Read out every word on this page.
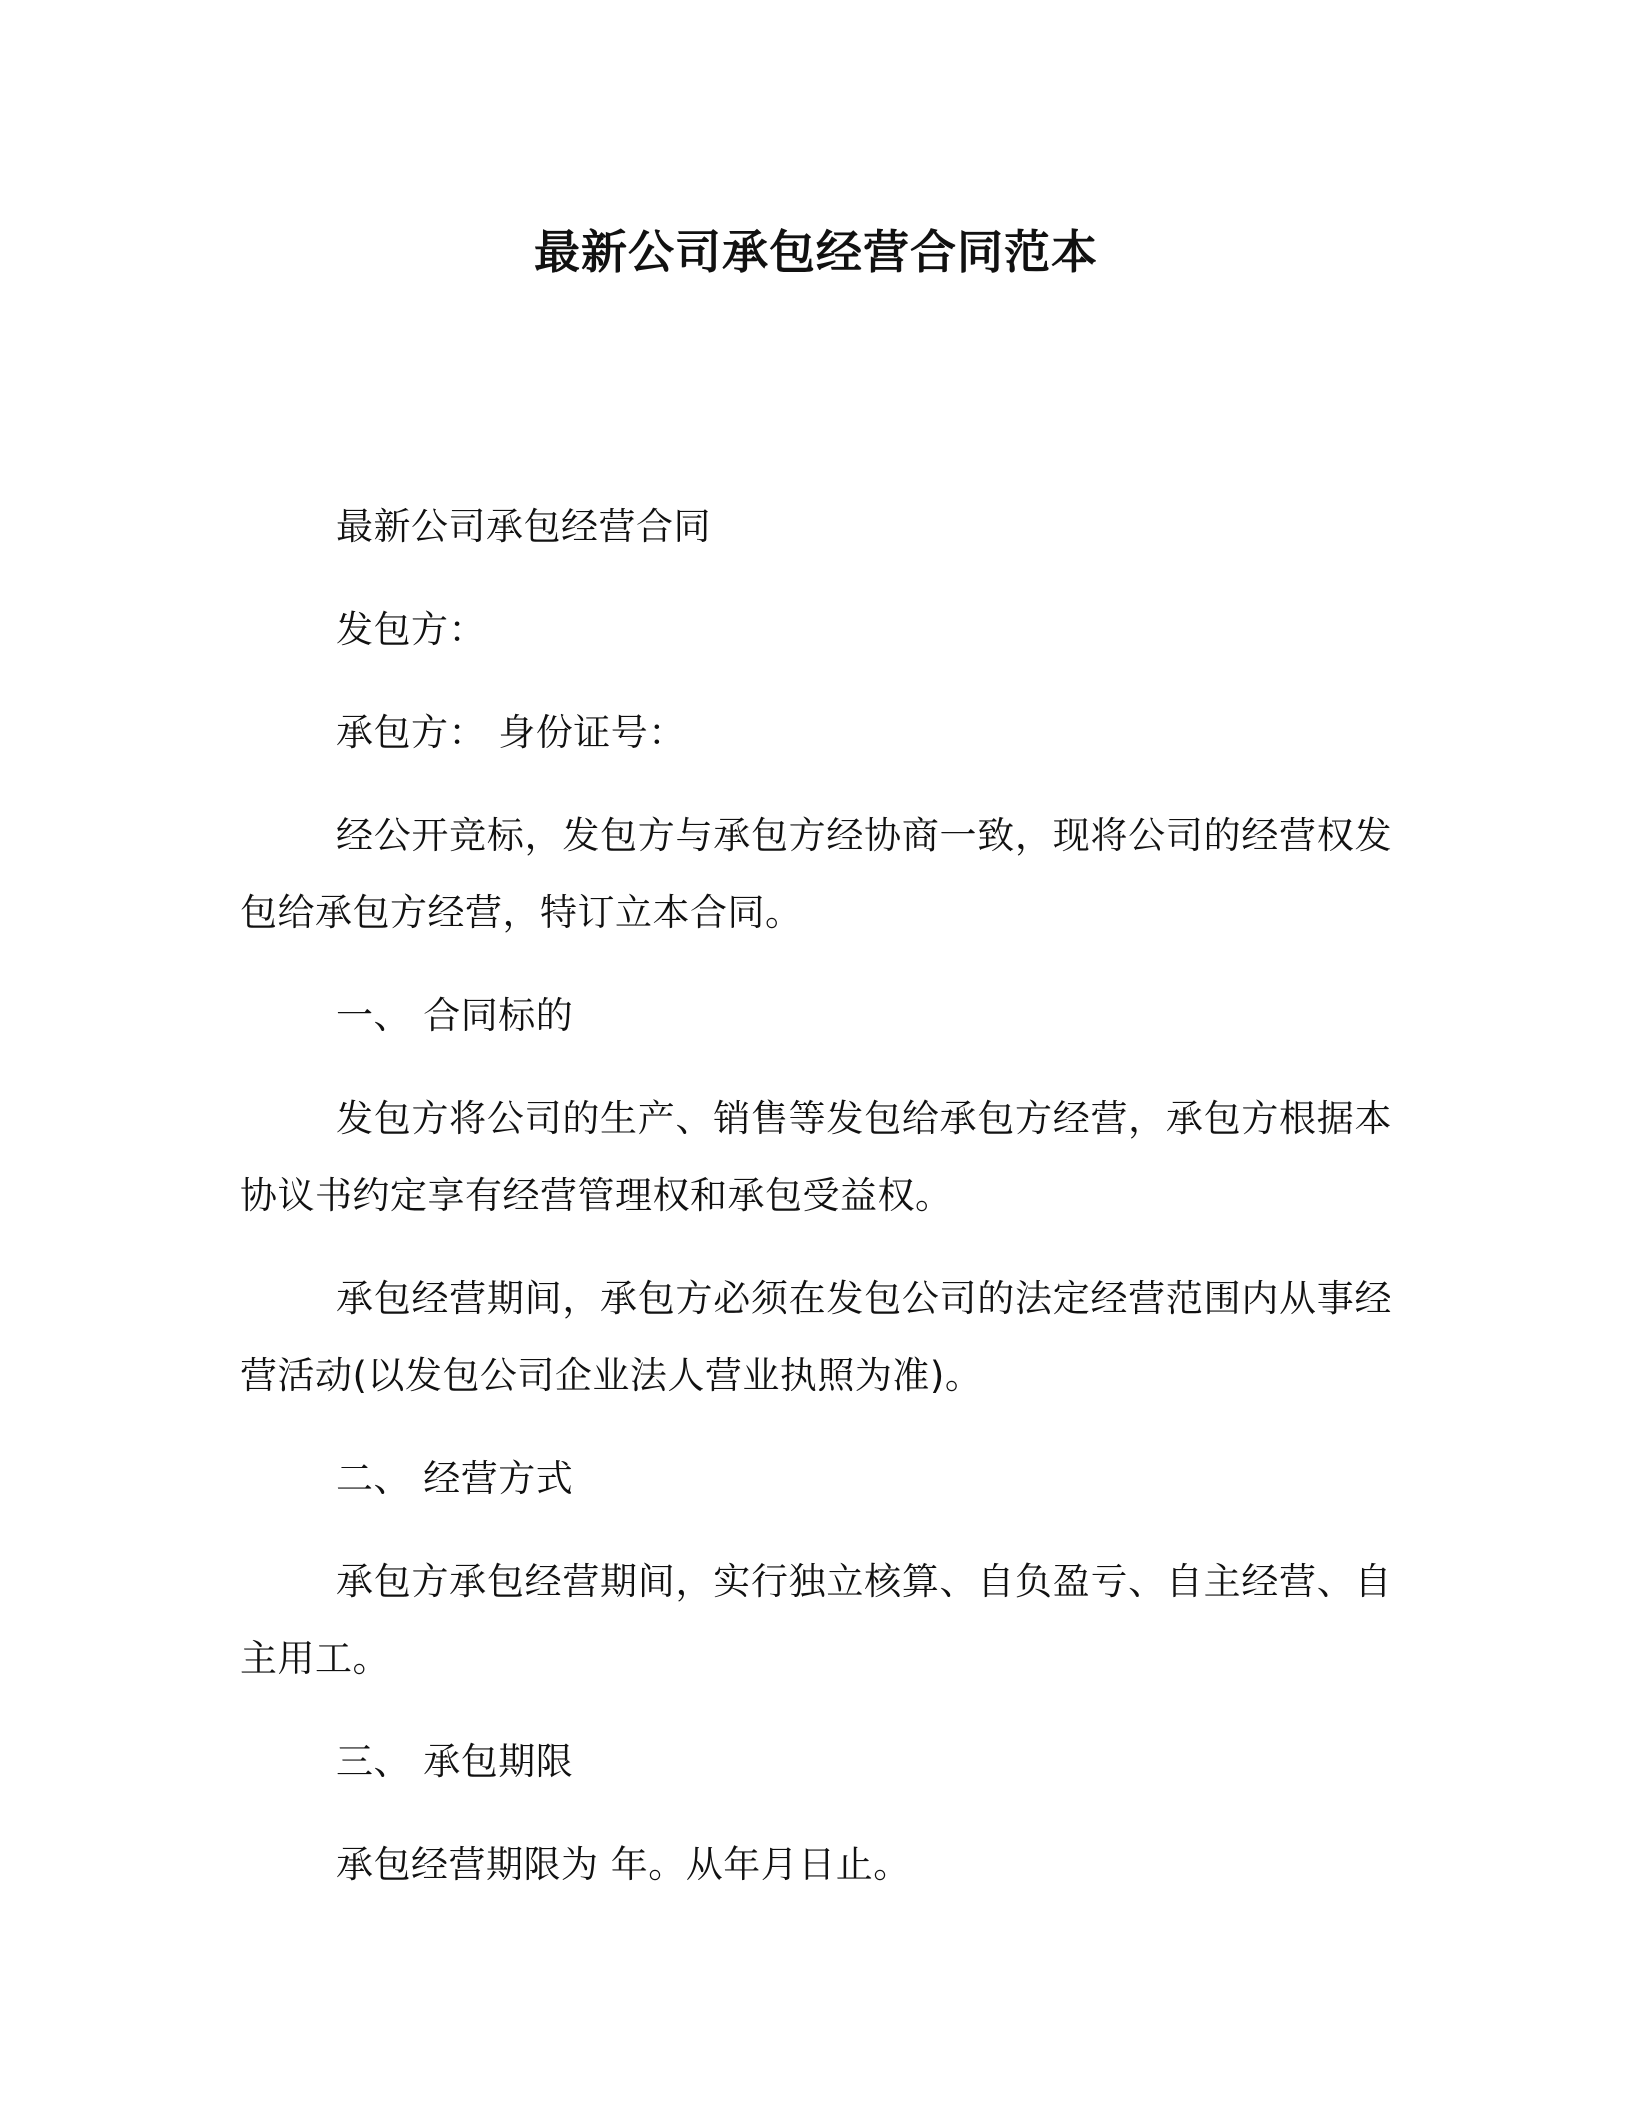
最新公司承包经营合同范本

最新公司承包经营合同

发包方：

承包方： 身份证号：

经公开竞标，发包方与承包方经协商一致，现将公司的经营权发包给承包方经营，特订立本合同。

一、 合同标的

发包方将公司的生产、销售等发包给承包方经营，承包方根据本协议书约定享有经营管理权和承包受益权。

承包经营期间，承包方必须在发包公司的法定经营范围内从事经营活动(以发包公司企业法人营业执照为准)。

二、 经营方式

承包方承包经营期间，实行独立核算、自负盈亏、自主经营、自主用工。

三、 承包期限

承包经营期限为 年。从年月日止。
